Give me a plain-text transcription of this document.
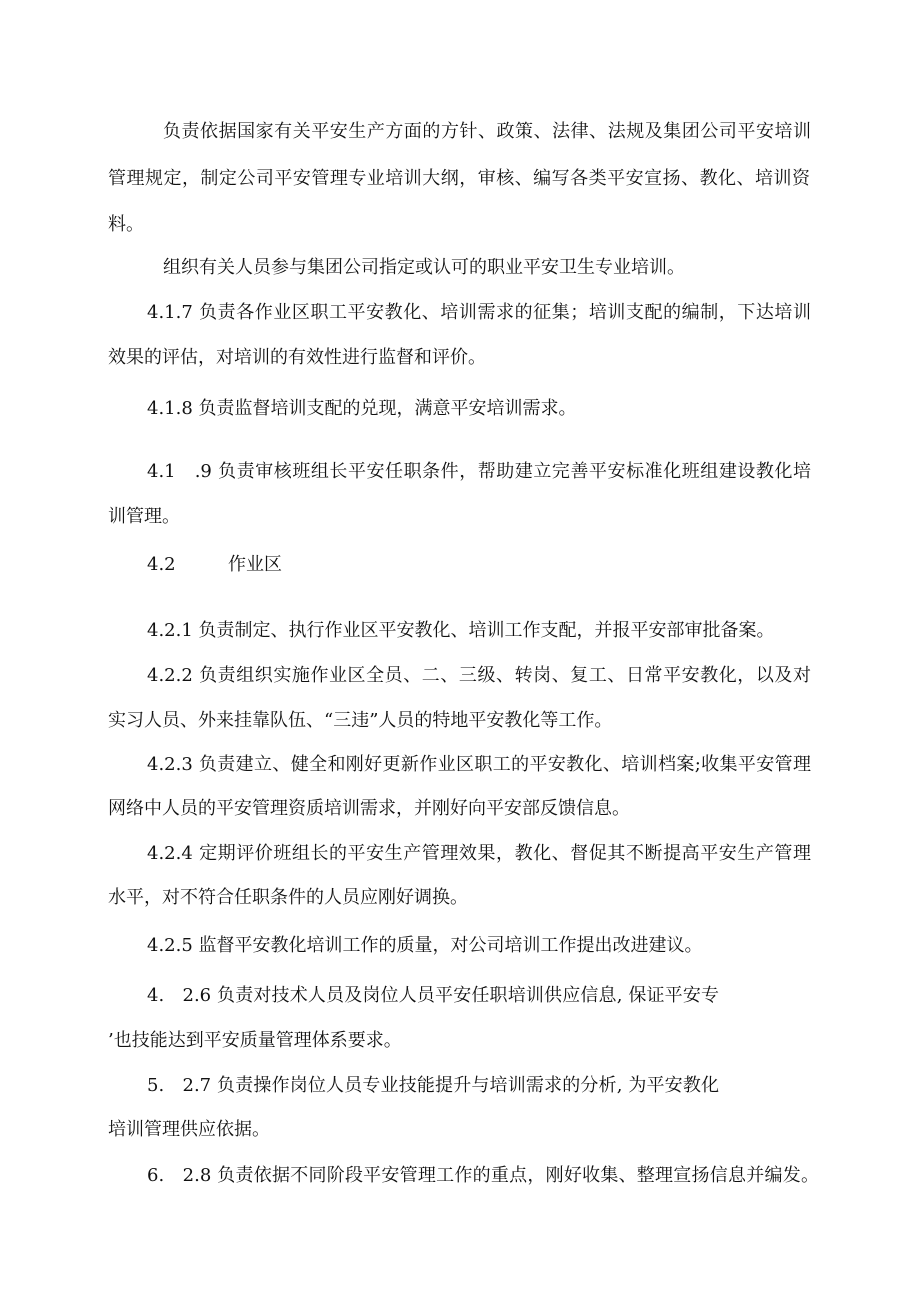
负责依据国家有关平安生产方面的方针、政策、法律、法规及集团公司平安培训

管理规定，制定公司平安管理专业培训大纲，审核、编写各类平安宣扬、教化、培训资

料。

组织有关人员参与集团公司指定或认可的职业平安卫生专业培训。

4.1.7 负责各作业区职工平安教化、培训需求的征集；培训支配的编制，下达培训

效果的评估，对培训的有效性进行监督和评价。

4.1.8 负责监督培训支配的兑现，满意平安培训需求。

4.1　.9 负责审核班组长平安任职条件，帮助建立完善平安标准化班组建设教化培

训管理。

4.2	作业区

4.2.1 负责制定、执行作业区平安教化、培训工作支配，并报平安部审批备案。

4.2.2 负责组织实施作业区全员、二、三级、转岗、复工、日常平安教化，以及对

实习人员、外来挂靠队伍、“三违”人员的特地平安教化等工作。

4.2.3 负责建立、健全和刚好更新作业区职工的平安教化、培训档案;收集平安管理

网络中人员的平安管理资质培训需求，并刚好向平安部反馈信息。

4.2.4 定期评价班组长的平安生产管理效果，教化、督促其不断提高平安生产管理

水平，对不符合任职条件的人员应刚好调换。

4.2.5 监督平安教化培训工作的质量，对公司培训工作提出改进建议。

4.　2.6 负责对技术人员及岗位人员平安任职培训供应信息, 保证平安专

’也技能达到平安质量管理体系要求。

5.　2.7 负责操作岗位人员专业技能提升与培训需求的分析, 为平安教化

培训管理供应依据。

6.　2.8 负责依据不同阶段平安管理工作的重点，刚好收集、整理宣扬信息并编发。
